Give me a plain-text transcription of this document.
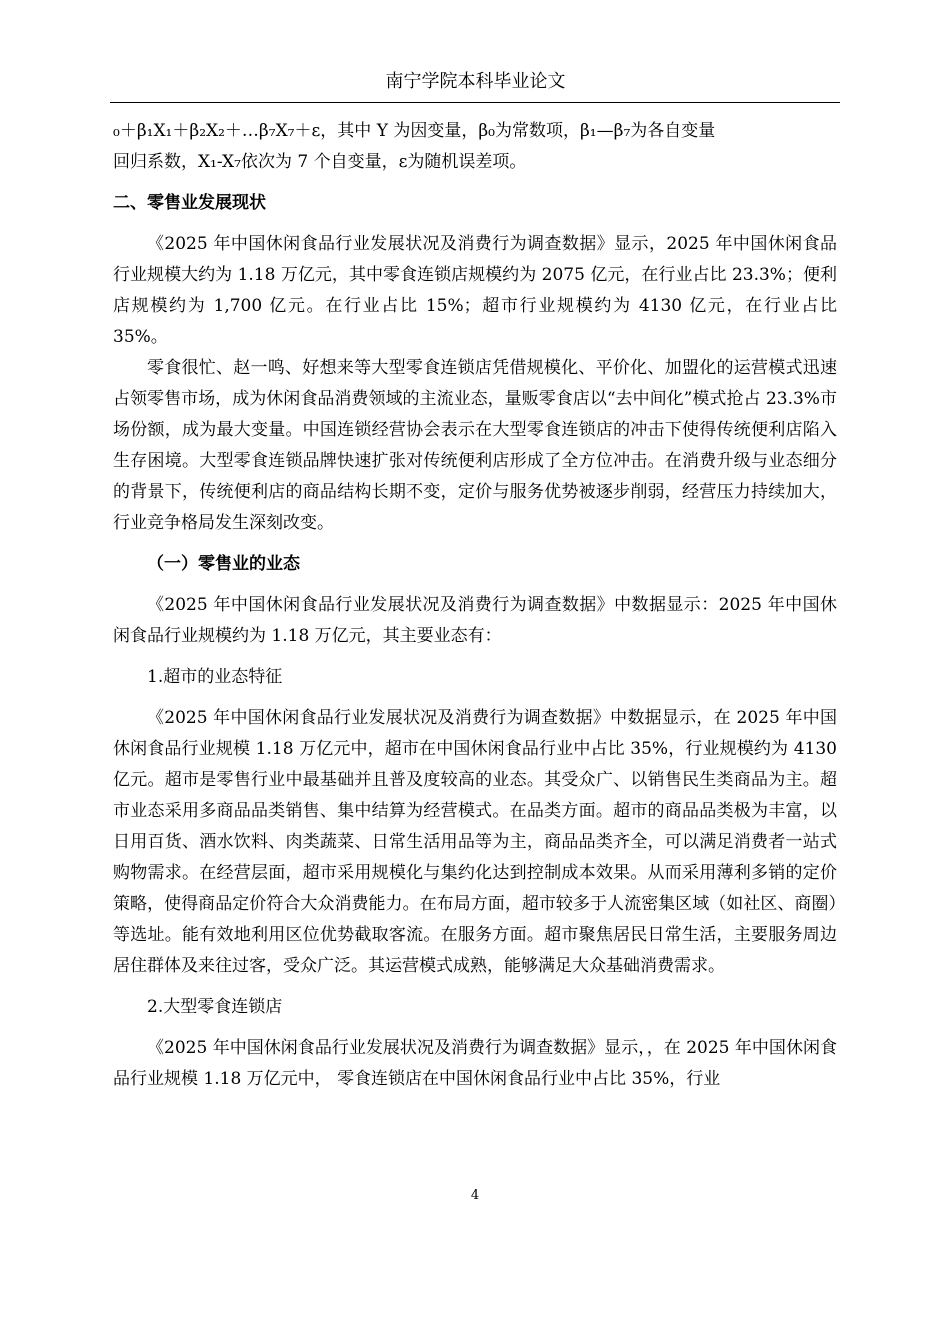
南宁学院本科毕业论文

₀＋β₁X₁＋β₂X₂＋…β₇X₇＋ε，其中 Y 为因变量，β₀为常数项，β₁—β₇为各自变量

回归系数，X₁-X₇依次为 7 个自变量，ε为随机误差项。

二、零售业发展现状

《2025 年中国休闲食品行业发展状况及消费行为调查数据》显示，2025 年中国休闲食品行业规模大约为 1.18 万亿元，其中零食连锁店规模约为 2075 亿元，在行业占比 23.3%；便利店规模约为 1,700 亿元。在行业占比 15%；超市行业规模约为 4130 亿元，在行业占比 35%。

零食很忙、赵一鸣、好想来等大型零食连锁店凭借规模化、平价化、加盟化的运营模式迅速占领零售市场，成为休闲食品消费领域的主流业态，量贩零食店以“去中间化”模式抢占 23.3%市场份额，成为最大变量。中国连锁经营协会表示在大型零食连锁店的冲击下使得传统便利店陷入生存困境。大型零食连锁品牌快速扩张对传统便利店形成了全方位冲击。在消费升级与业态细分的背景下，传统便利店的商品结构长期不变，定价与服务优势被逐步削弱，经营压力持续加大，行业竞争格局发生深刻改变。

（一）零售业的业态

《2025 年中国休闲食品行业发展状况及消费行为调查数据》中数据显示：2025 年中国休闲食品行业规模约为 1.18 万亿元，其主要业态有：

1.超市的业态特征

《2025 年中国休闲食品行业发展状况及消费行为调查数据》中数据显示，在 2025 年中国休闲食品行业规模 1.18 万亿元中，超市在中国休闲食品行业中占比 35%，行业规模约为 4130 亿元。超市是零售行业中最基础并且普及度较高的业态。其受众广、以销售民生类商品为主。超市业态采用多商品品类销售、集中结算为经营模式。在品类方面。超市的商品品类极为丰富，以日用百货、酒水饮料、肉类蔬菜、日常生活用品等为主，商品品类齐全，可以满足消费者一站式购物需求。在经营层面，超市采用规模化与集约化达到控制成本效果。从而采用薄利多销的定价策略，使得商品定价符合大众消费能力。在布局方面，超市较多于人流密集区域（如社区、商圈）等选址。能有效地利用区位优势截取客流。在服务方面。超市聚焦居民日常生活，主要服务周边居住群体及来往过客，受众广泛。其运营模式成熟，能够满足大众基础消费需求。

2.大型零食连锁店

《2025 年中国休闲食品行业发展状况及消费行为调查数据》显示，，在 2025 年中国休闲食品行业规模 1.18 万亿元中， 零食连锁店在中国休闲食品行业中占比 35%，行业

4
